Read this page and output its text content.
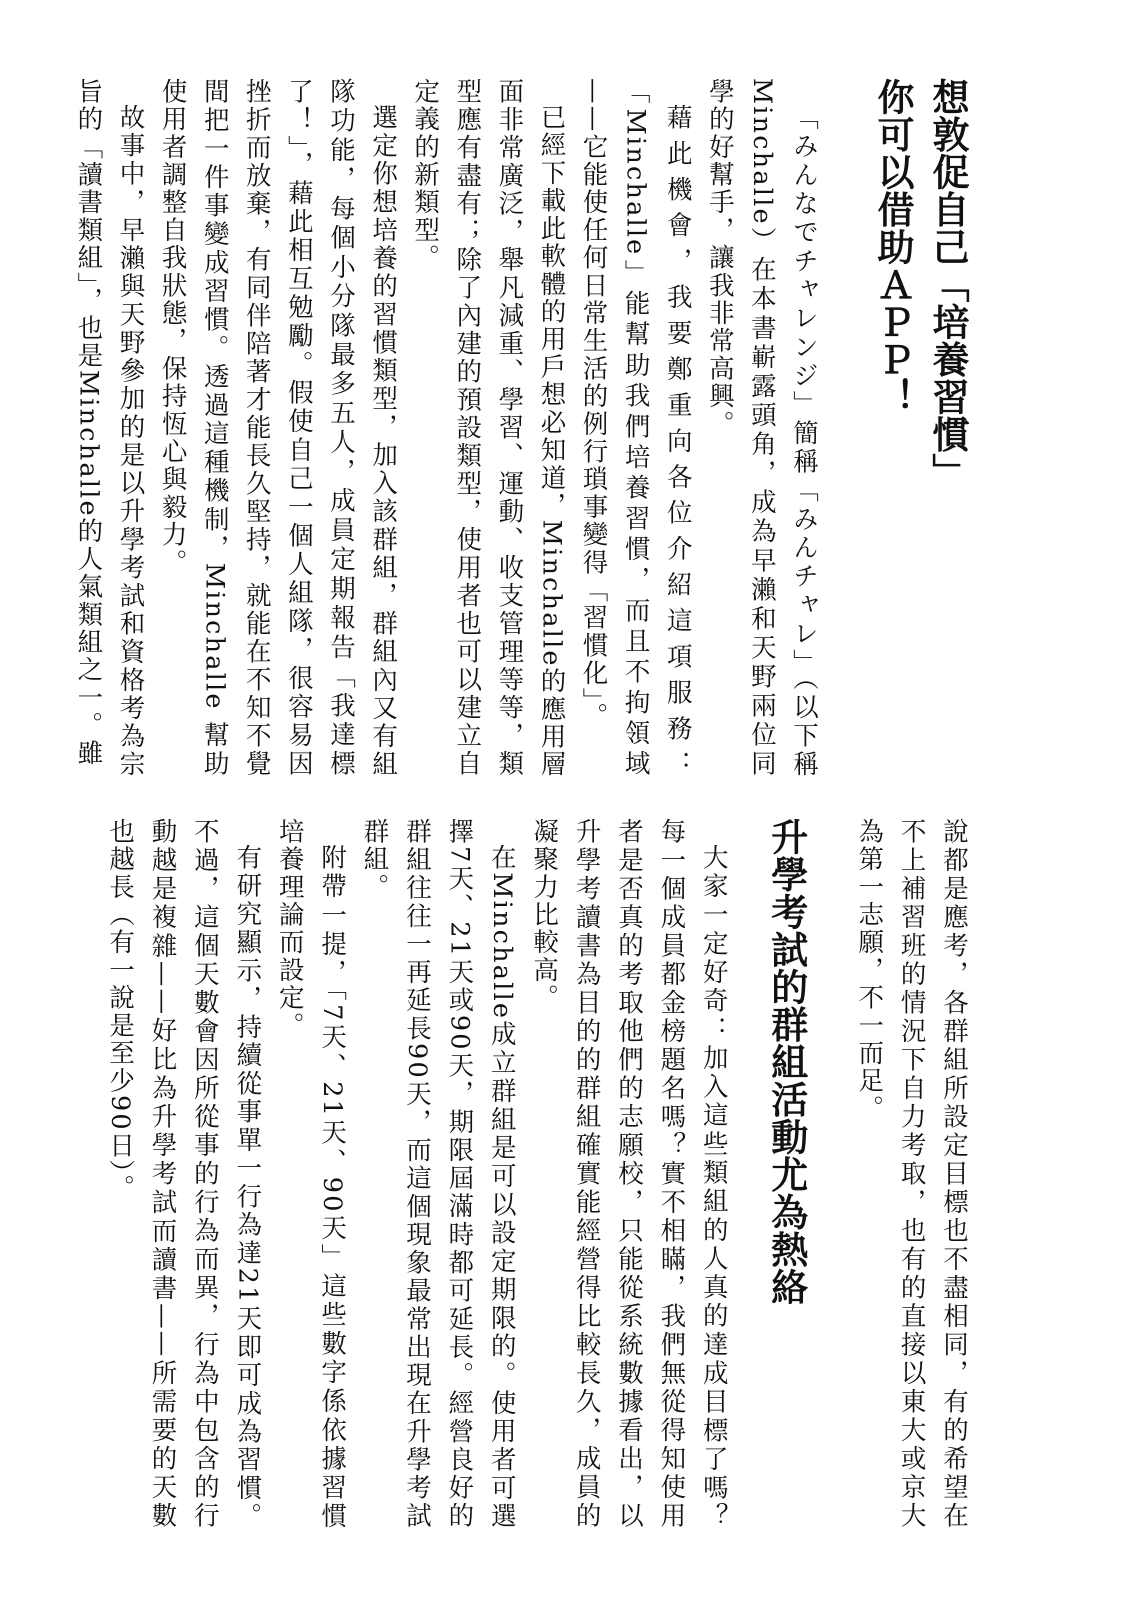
想敦促自己「培養習慣」
你可以借助ＡＰＰ！

「みんなでチャレンジ」簡稱「みんチャレ」（以下稱Minchalle）在本書嶄露頭角，成為早瀨和天野兩位同學的好幫手，讓我非常高興。

藉此機會，我要鄭重向各位介紹這項服務：「Minchalle」能幫助我們培養習慣，而且不拘領域——它能使任何日常生活的例行瑣事變得「習慣化」。

已經下載此軟體的用戶想必知道，Minchalle的應用層面非常廣泛，舉凡減重、學習、運動、收支管理等等，類型應有盡有；除了內建的預設類型，使用者也可以建立自定義的新類型。

選定你想培養的習慣類型，加入該群組，群組內又有組隊功能，每個小分隊最多五人，成員定期報告「我達標了！」，藉此相互勉勵。假使自己一個人組隊，很容易因挫折而放棄，有同伴陪著才能長久堅持，就能在不知不覺間把一件事變成習慣。透過這種機制，Minchalle 幫助使用者調整自我狀態，保持恆心與毅力。

故事中，早瀨與天野參加的是以升學考試和資格考為宗旨的「讀書類組」，也是Minchalle的人氣類組之一。雖

說都是應考，各群組所設定目標也不盡相同，有的希望在不上補習班的情況下自力考取，也有的直接以東大或京大為第一志願，不一而足。

升學考試的群組活動尤為熱絡

大家一定好奇：加入這些類組的人真的達成目標了嗎？每一個成員都金榜題名嗎？實不相瞞，我們無從得知使用者是否真的考取他們的志願校，只能從系統數據看出，以升學考讀書為目的的群組確實能經營得比較長久，成員的凝聚力比較高。

在Minchalle成立群組是可以設定期限的。使用者可選擇7天、21天或90天，期限屆滿時都可延長。經營良好的群組往往一再延長90天，而這個現象最常出現在升學考試群組。

附帶一提，「7天、21天、90天」這些數字係依據習慣培養理論而設定。

有研究顯示，持續從事單一行為達21天即可成為習慣。不過，這個天數會因所從事的行為而異，行為中包含的行動越是複雜——好比為升學考試而讀書——所需要的天數也越長（有一說是至少90日）。
